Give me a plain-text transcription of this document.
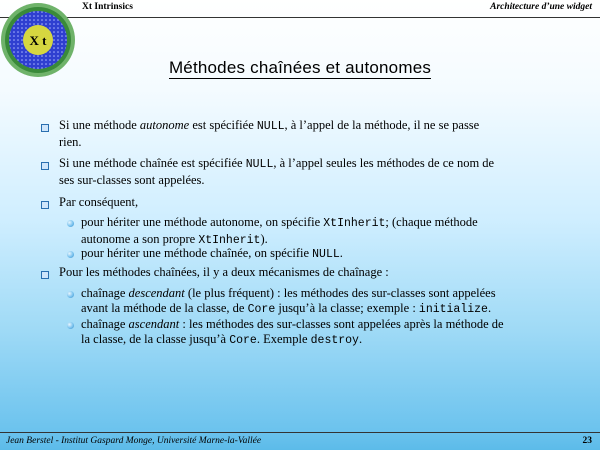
Xt Intrinsics	Architecture d’une widget
X t
Méthodes chaînées et autonomes
Si une méthode autonome est spécifiée NULL, à l’appel de la méthode, il ne se passe
rien.
Si une méthode chaînée est spécifiée NULL, à l’appel seules les méthodes de ce nom de
ses sur-classes sont appelées.
Par conséquent,
pour hériter une méthode autonome, on spécifie XtInherit; (chaque méthode
autonome a son propre XtInherit).
pour hériter une méthode chaînée, on spécifie NULL.
Pour les méthodes chaînées, il y a deux mécanismes de chaînage :
chaînage descendant (le plus fréquent) : les méthodes des sur-classes sont appelées
avant la méthode de la classe, de Core jusqu’à la classe; exemple : initialize.
chaînage ascendant : les méthodes des sur-classes sont appelées après la méthode de
la classe, de la classe jusqu’à Core. Exemple destroy.
Jean Berstel - Institut Gaspard Monge, Université Marne-la-Vallée	23
